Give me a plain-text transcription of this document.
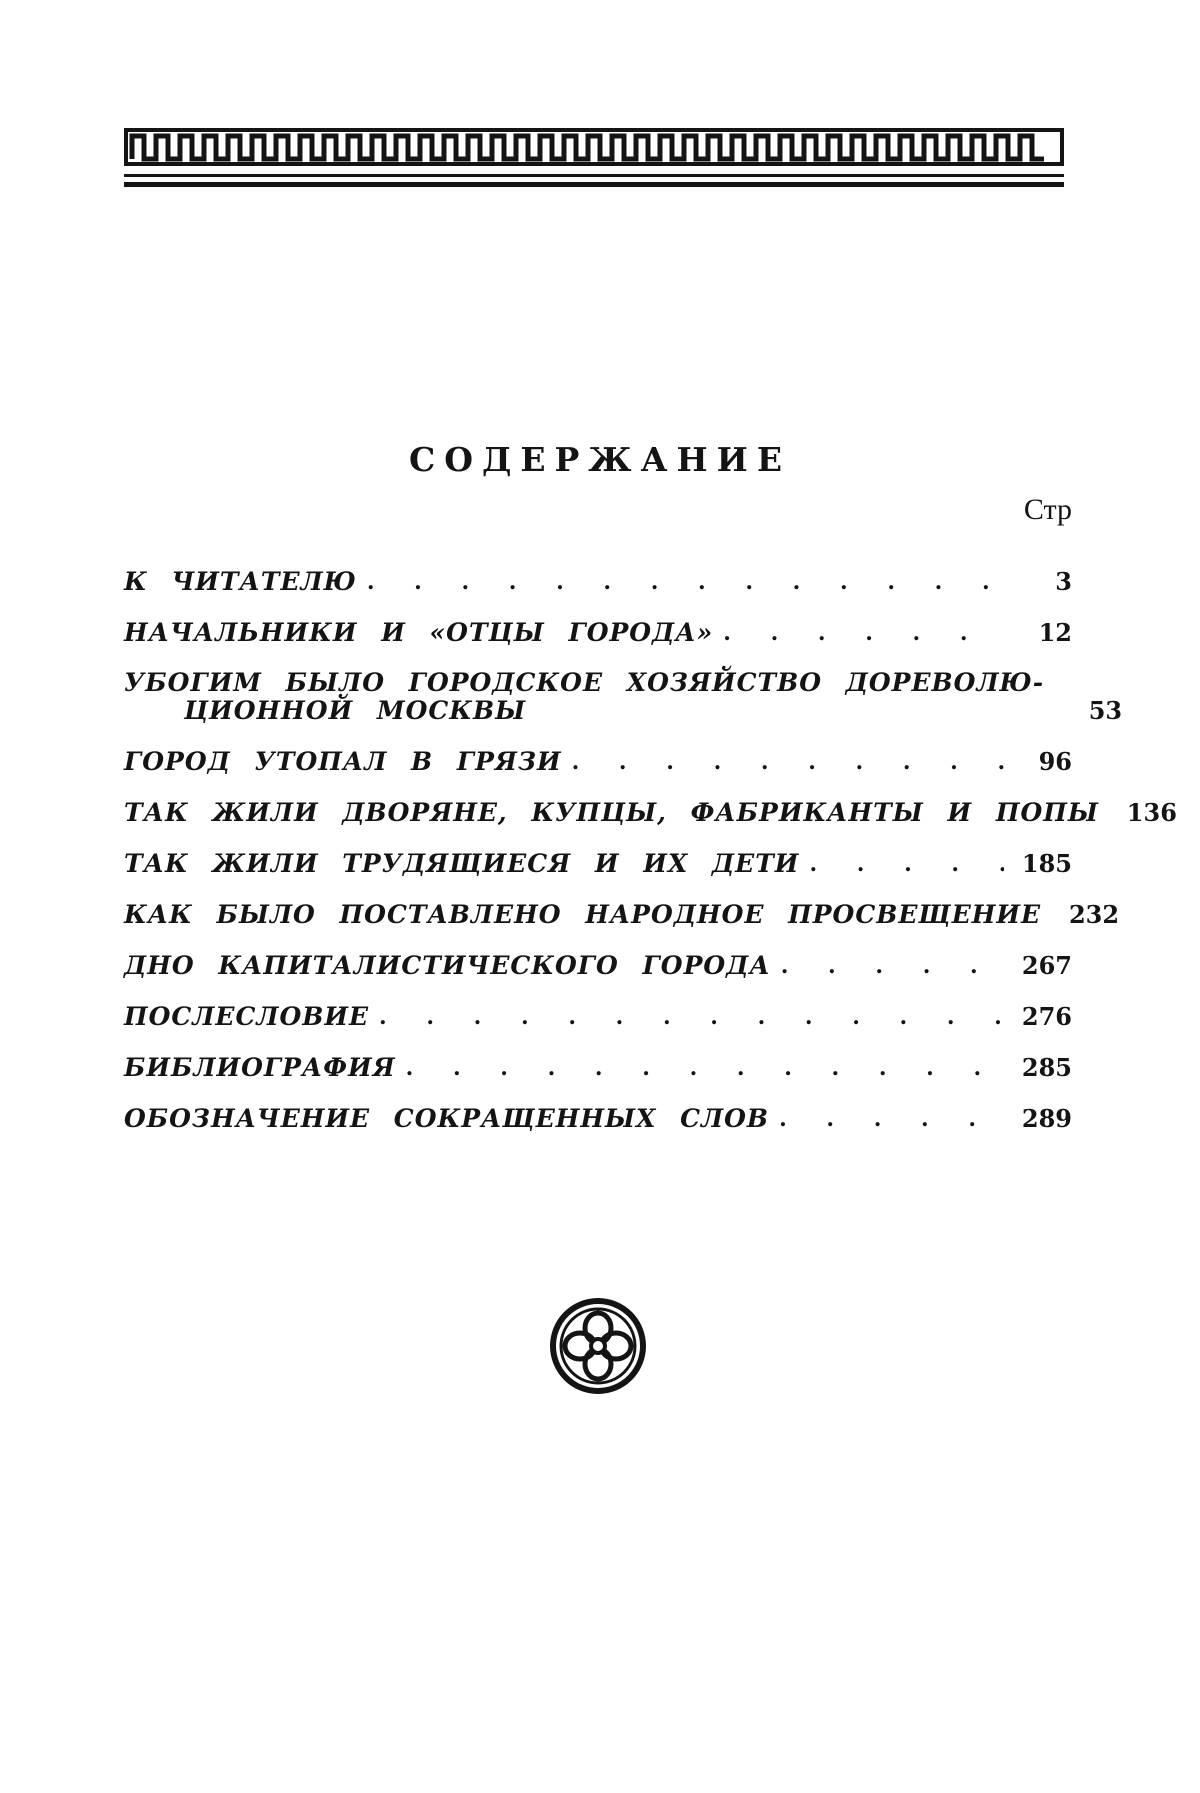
СОДЕРЖАНИЕ
Стр
К ЧИТАТЕЛЮ . . .	3
НАЧАЛЬНИКИ И «ОТЦЫ ГОРОДА» . . .	12
УБОГИМ БЫЛО ГОРОДСКОЕ ХОЗЯЙСТВО ДОРЕВОЛЮ-
ЦИОННОЙ МОСКВЫ . . .	53
ГОРОД УТОПАЛ В ГРЯЗИ . . .	96
ТАК ЖИЛИ ДВОРЯНЕ, КУПЦЫ, ФАБРИКАНТЫ И ПОПЫ 136
ТАК ЖИЛИ ТРУДЯЩИЕСЯ И ИХ ДЕТИ . . .	185
КАК БЫЛО ПОСТАВЛЕНО НАРОДНОЕ ПРОСВЕЩЕНИЕ . . . 232
ДНО КАПИТАЛИСТИЧЕСКОГО ГОРОДА . . .	267
ПОСЛЕСЛОВИЕ . . .	276
БИБЛИОГРАФИЯ . . .	285
ОБОЗНАЧЕНИЕ СОКРАЩЕННЫХ СЛОВ . . .	289
